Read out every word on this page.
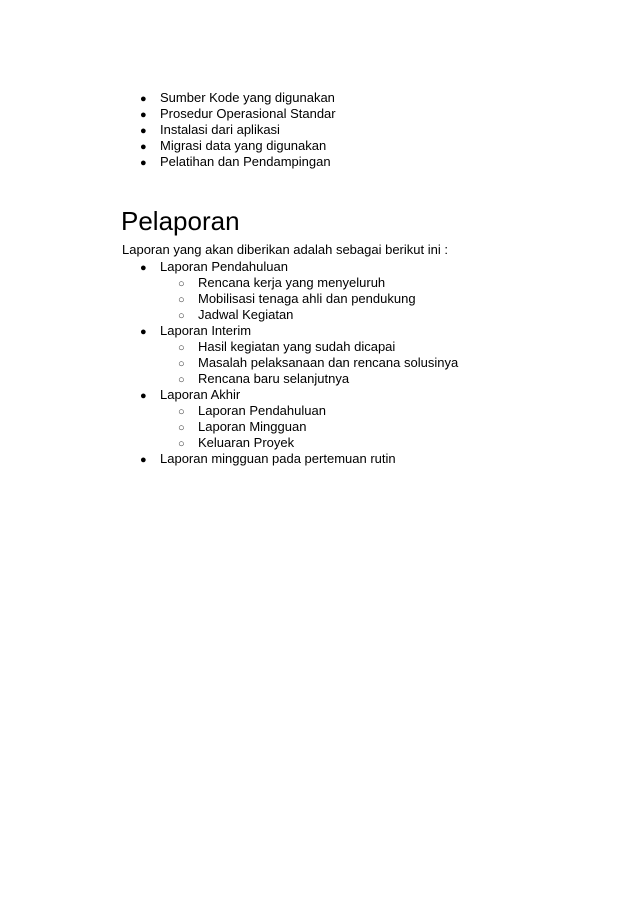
● Sumber Kode yang digunakan
● Prosedur Operasional Standar
● Instalasi dari aplikasi
● Migrasi data yang digunakan
● Pelatihan dan Pendampingan
Pelaporan
Laporan yang akan diberikan adalah sebagai berikut ini :
● Laporan Pendahuluan
○ Rencana kerja yang menyeluruh
○ Mobilisasi tenaga ahli dan pendukung
○ Jadwal Kegiatan
● Laporan Interim
○ Hasil kegiatan yang sudah dicapai
○ Masalah pelaksanaan dan rencana solusinya
○ Rencana baru selanjutnya
● Laporan Akhir
○ Laporan Pendahuluan
○ Laporan Mingguan
○ Keluaran Proyek
● Laporan mingguan pada pertemuan rutin
